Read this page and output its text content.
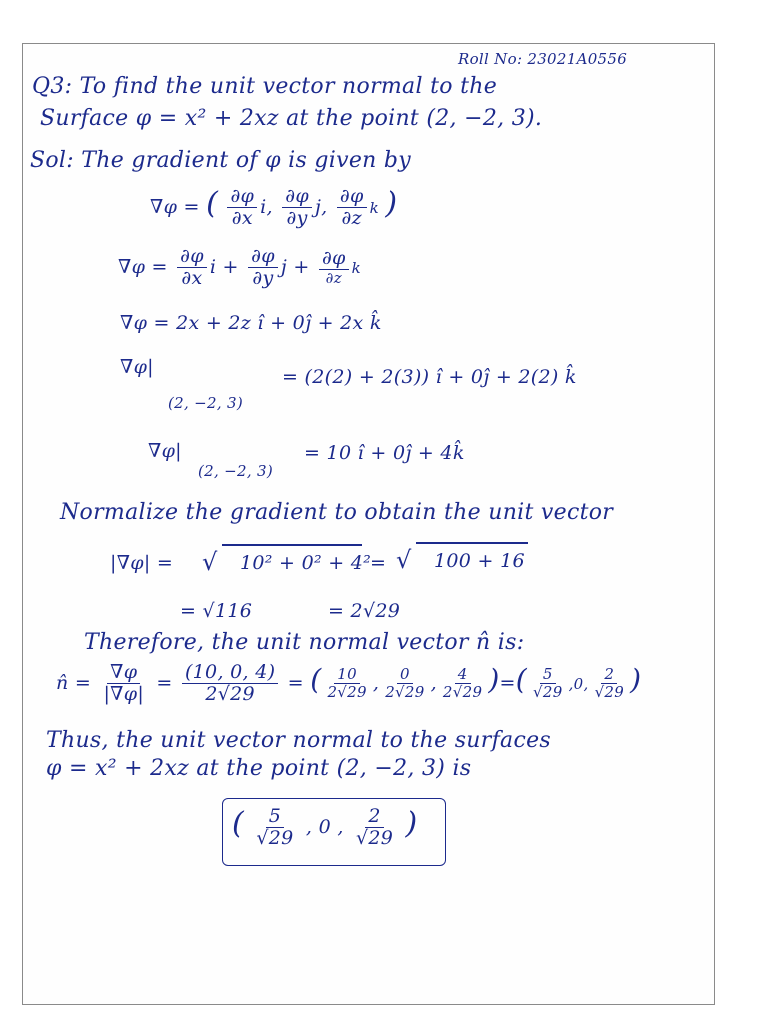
Roll No: 23021A0556
Q3: To find the unit vector normal to the
Surface φ = x² + 2xz at the point (2, −2, 3).
Sol: The gradient of φ is given by
∇φ = ( $\frac{\partial\varphi}{\partial x} i$, $\frac{\partial\varphi}{\partial y} j$, $\frac{\partial\varphi}{\partial z}$ k )
$\nabla\varphi = \frac{\partial\varphi}{\partial x}$ $i + \frac{\partial\varphi}{\partial y}$ $j + \frac{\partial\varphi}{\partial z}$ k
∇φ = 2x + 2z î + 0ĵ + 2x k̂
∇φ|
(2, −2, 3)
= (2(2) + 2(3)) î + 0ĵ + 2(2) k̂
∇φ|
(2, −2, 3)
= 10 î + 0ĵ + 4k̂
Normalize the gradient to obtain the unit vector
|∇φ| = √ 10² + 0² + 4²
= √ 100 + 16
= √116	= 2√29
Therefore, the unit normal vector n̂ is:
n̂ = $\frac{\nabla\varphi}{|\nabla\varphi|} = \frac{(10, 0, 4)}{2√29}$ = ( $\frac{10}{2√29}$ , $\frac{0}{2√29}$ , $\frac{4}{2√29}$ )=( $\frac{5}{√29} ,0$, $\frac{2}{√29}$ )
Thus, the unit vector normal to the surfaces
φ = x² + 2xz at the point (2, −2, 3) is
( $\frac{5}{√29}$ , 0 , $\frac{2}{√29}$ )
